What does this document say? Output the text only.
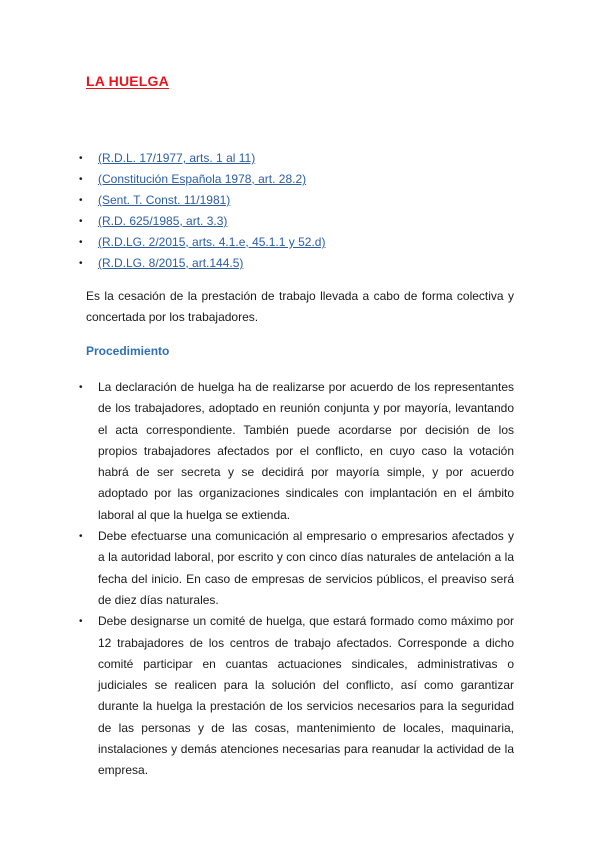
LA HUELGA
• (R.D.L. 17/1977, arts. 1 al 11)
• (Constitución Española 1978, art. 28.2)
• (Sent. T. Const. 11/1981)
• (R.D. 625/1985, art. 3.3)
• (R.D.LG. 2/2015, arts. 4.1.e, 45.1.1 y 52.d)
• (R.D.LG. 8/2015, art.144.5)

Es la cesación de la prestación de trabajo llevada a cabo de forma colectiva y concertada por los trabajadores.

Procedimiento
• La declaración de huelga ha de realizarse por acuerdo de los representantes de los trabajadores, adoptado en reunión conjunta y por mayoría, levantando el acta correspondiente. También puede acordarse por decisión de los propios trabajadores afectados por el conflicto, en cuyo caso la votación habrá de ser secreta y se decidirá por mayoría simple, y por acuerdo adoptado por las organizaciones sindicales con implantación en el ámbito laboral al que la huelga se extienda.
• Debe efectuarse una comunicación al empresario o empresarios afectados y a la autoridad laboral, por escrito y con cinco días naturales de antelación a la fecha del inicio. En caso de empresas de servicios públicos, el preaviso será de diez días naturales.
• Debe designarse un comité de huelga, que estará formado como máximo por 12 trabajadores de los centros de trabajo afectados. Corresponde a dicho comité participar en cuantas actuaciones sindicales, administrativas o judiciales se realicen para la solución del conflicto, así como garantizar durante la huelga la prestación de los servicios necesarios para la seguridad de las personas y de las cosas, mantenimiento de locales, maquinaria, instalaciones y demás atenciones necesarias para reanudar la actividad de la empresa.
